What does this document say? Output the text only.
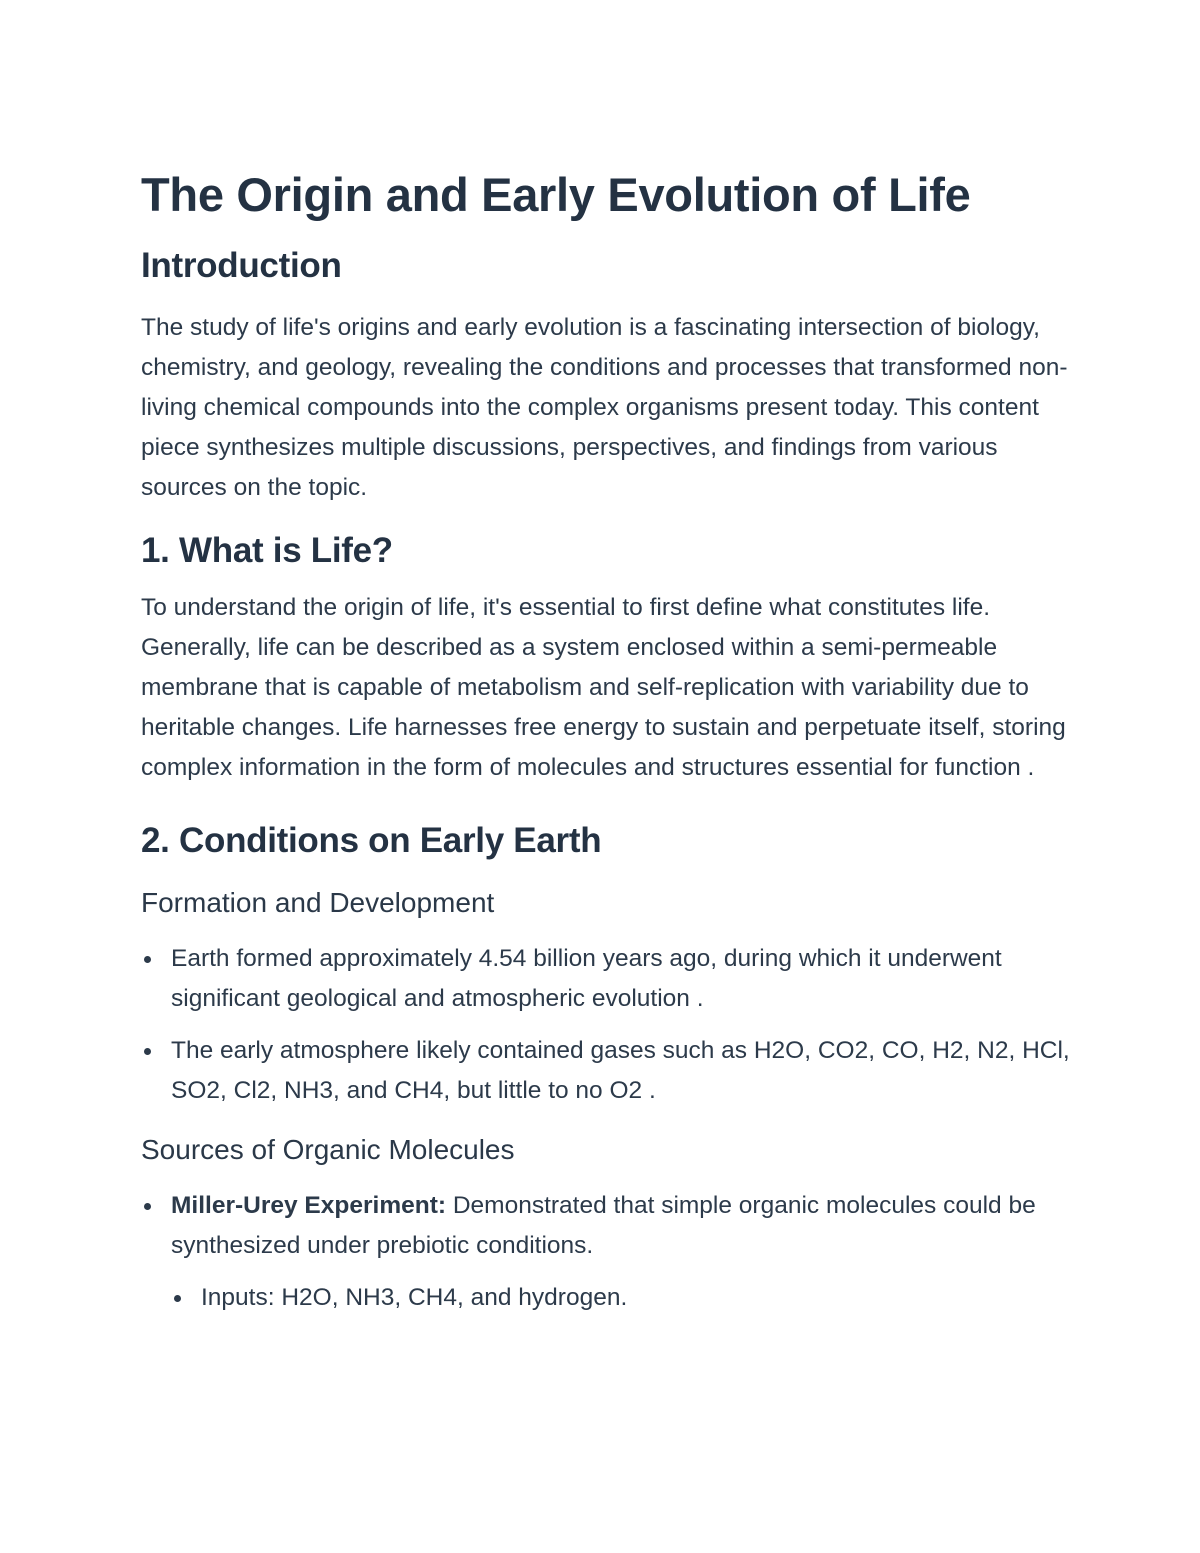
The Origin and Early Evolution of Life
Introduction

The study of life's origins and early evolution is a fascinating intersection of biology, chemistry, and geology, revealing the conditions and processes that transformed non-living chemical compounds into the complex organisms present today. This content piece synthesizes multiple discussions, perspectives, and findings from various sources on the topic.

1. What is Life?

To understand the origin of life, it's essential to first define what constitutes life. Generally, life can be described as a system enclosed within a semi-permeable membrane that is capable of metabolism and self-replication with variability due to heritable changes. Life harnesses free energy to sustain and perpetuate itself, storing complex information in the form of molecules and structures essential for function .

2. Conditions on Early Earth
Formation and Development
Earth formed approximately 4.54 billion years ago, during which it underwent significant geological and atmospheric evolution .
The early atmosphere likely contained gases such as H2O, CO2, CO, H2, N2, HCl, SO2, Cl2, NH3, and CH4, but little to no O2 .
Sources of Organic Molecules
Miller-Urey Experiment: Demonstrated that simple organic molecules could be synthesized under prebiotic conditions.
Inputs: H2O, NH3, CH4, and hydrogen.
